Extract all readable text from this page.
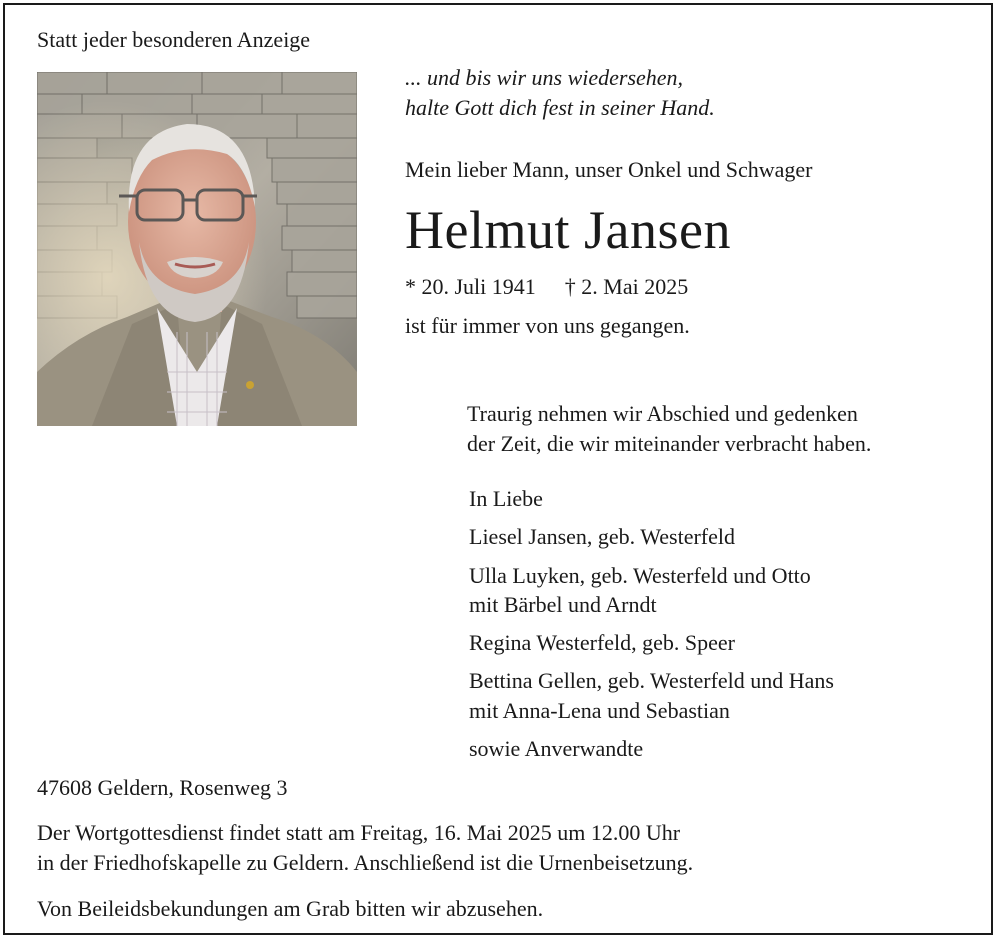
Statt jeder besonderen Anzeige
... und bis wir uns wiedersehen,
halte Gott dich fest in seiner Hand.
Mein lieber Mann, unser Onkel und Schwager
Helmut Jansen
* 20. Juli 1941 † 2. Mai 2025
ist für immer von uns gegangen.
Traurig nehmen wir Abschied und gedenken
der Zeit, die wir miteinander verbracht haben.
In Liebe
Liesel Jansen, geb. Westerfeld
Ulla Luyken, geb. Westerfeld und Otto
mit Bärbel und Arndt
Regina Westerfeld, geb. Speer
Bettina Gellen, geb. Westerfeld und Hans
mit Anna-Lena und Sebastian
sowie Anverwandte
47608 Geldern, Rosenweg 3
Der Wortgottesdienst findet statt am Freitag, 16. Mai 2025 um 12.00 Uhr
in der Friedhofskapelle zu Geldern. Anschließend ist die Urnenbeisetzung.
Von Beileidsbekundungen am Grab bitten wir abzusehen.
